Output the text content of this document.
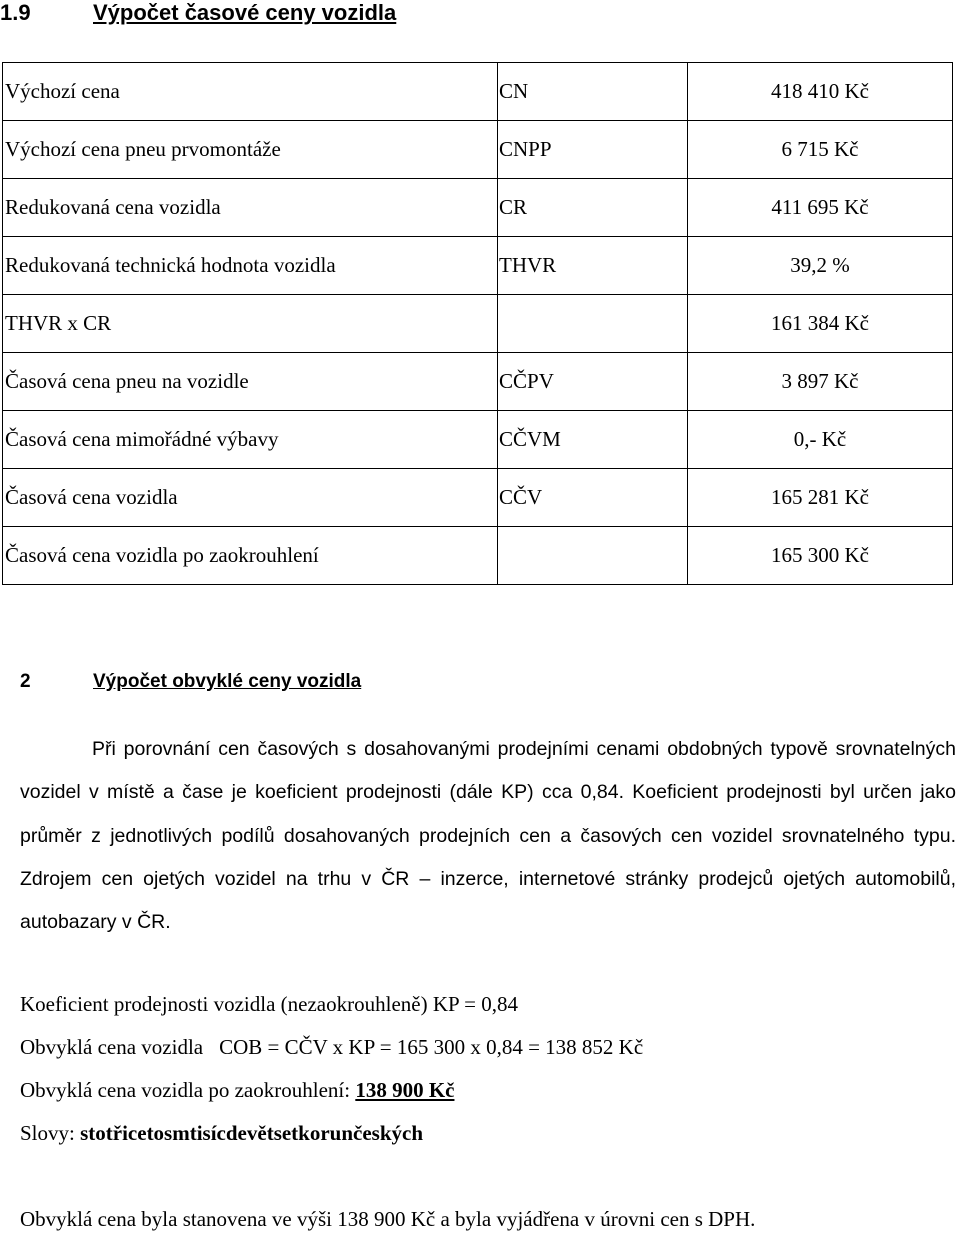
1.9	Výpočet časové ceny vozidla
Výchozí cena	CN	418 410 Kč
Výchozí cena pneu prvomontáže	CNPP	6 715 Kč
Redukovaná cena vozidla	CR	411 695 Kč
Redukovaná technická hodnota vozidla	THVR	39,2 %
THVR x CR		161 384 Kč
Časová cena pneu na vozidle	CČPV	3 897 Kč
Časová cena mimořádné výbavy	CČVM	0,- Kč
Časová cena vozidla	CČV	165 281 Kč
Časová cena vozidla po zaokrouhlení		165 300 Kč
2	Výpočet obvyklé ceny vozidla

Při porovnání cen časových s dosahovanými prodejními cenami obdobných typově srovnatelných vozidel v místě a čase je koeficient prodejnosti (dále KP) cca 0,84. Koeficient prodejnosti byl určen jako průměr z jednotlivých podílů dosahovaných prodejních cen a časových cen vozidel srovnatelného typu. Zdrojem cen ojetých vozidel na trhu v ČR – inzerce, internetové stránky prodejců ojetých automobilů, autobazary v ČR.

Koeficient prodejnosti vozidla (nezaokrouhleně) KP = 0,84

Obvyklá cena vozidla COB = CČV x KP = 165 300 x 0,84 = 138 852 Kč

Obvyklá cena vozidla po zaokrouhlení: 138 900 Kč

Slovy: stotřicetosmtisícdevětsetkorunčeských

Obvyklá cena byla stanovena ve výši 138 900 Kč a byla vyjádřena v úrovni cen s DPH.
